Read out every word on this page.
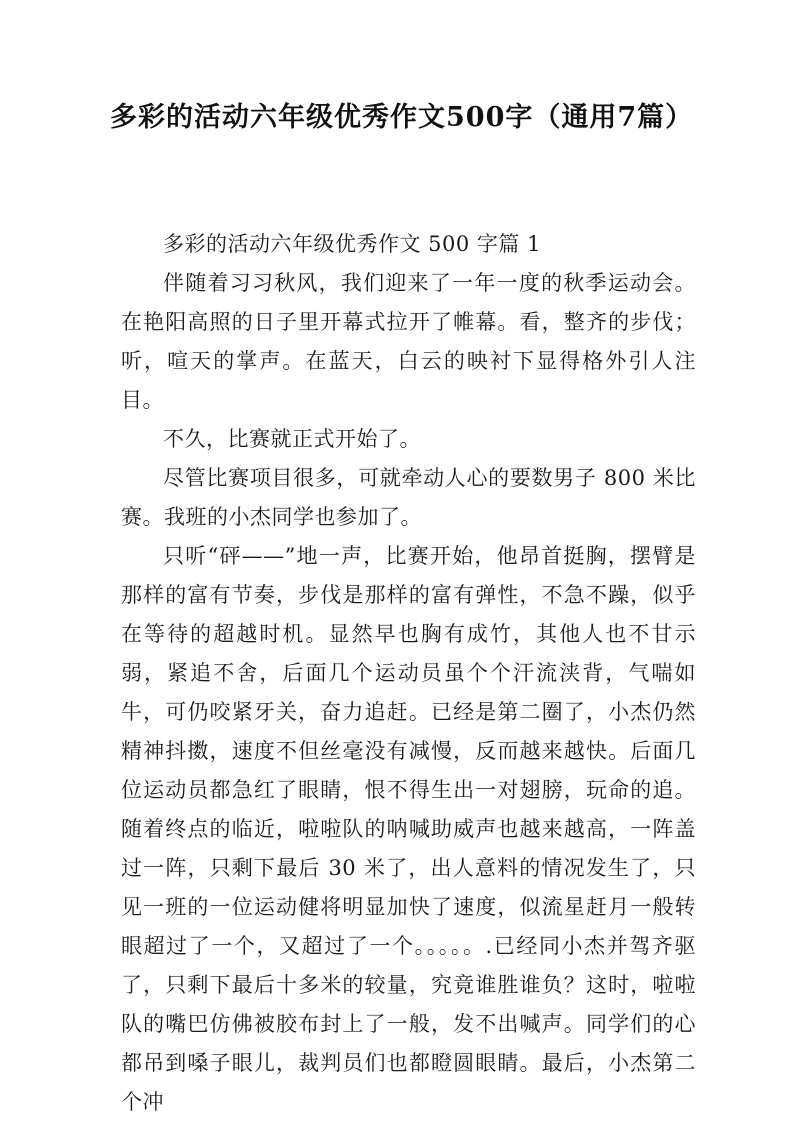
多彩的活动六年级优秀作文500字（通用7篇）

多彩的活动六年级优秀作文 500 字篇 1

伴随着习习秋风，我们迎来了一年一度的秋季运动会。在艳阳高照的日子里开幕式拉开了帷幕。看，整齐的步伐；听，喧天的掌声。在蓝天，白云的映衬下显得格外引人注目。

不久，比赛就正式开始了。

尽管比赛项目很多，可就牵动人心的要数男子 800 米比赛。我班的小杰同学也参加了。

只听“砰——”地一声，比赛开始，他昂首挺胸，摆臂是那样的富有节奏，步伐是那样的富有弹性，不急不躁，似乎在等待的超越时机。显然早也胸有成竹，其他人也不甘示弱，紧追不舍，后面几个运动员虽个个汗流浃背，气喘如牛，可仍咬紧牙关，奋力追赶。已经是第二圈了，小杰仍然精神抖擞，速度不但丝毫没有减慢，反而越来越快。后面几位运动员都急红了眼睛，恨不得生出一对翅膀，玩命的追。随着终点的临近，啦啦队的呐喊助威声也越来越高，一阵盖过一阵，只剩下最后 30 米了，出人意料的情况发生了，只见一班的一位运动健将明显加快了速度，似流星赶月一般转眼超过了一个，又超过了一个。。。。。.已经同小杰并驾齐驱了，只剩下最后十多米的较量，究竟谁胜谁负？这时，啦啦队的嘴巴仿佛被胶布封上了一般，发不出喊声。同学们的心都吊到嗓子眼儿，裁判员们也都瞪圆眼睛。最后，小杰第二个冲
